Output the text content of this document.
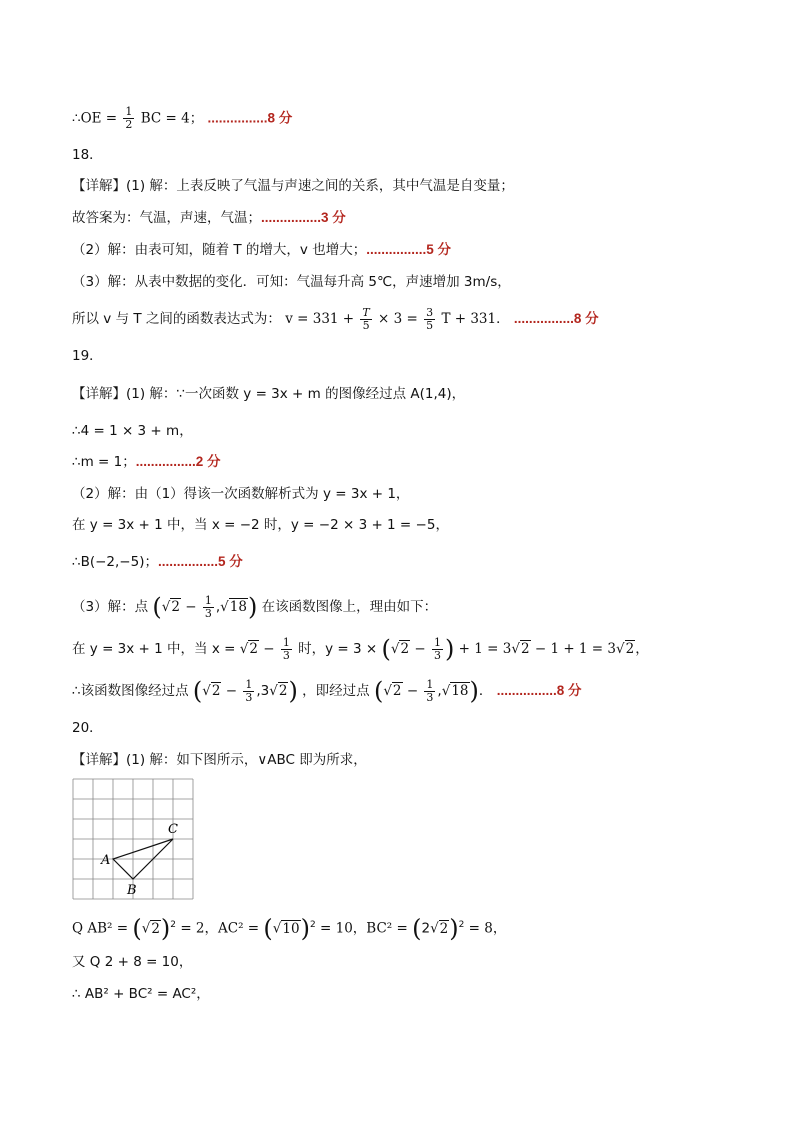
∴OE = $\frac{1}{2}$ BC = 4； ................8 分
18．
【详解】(1) 解：上表反映了气温与声速之间的关系，其中气温是自变量；
故答案为：气温，声速，气温；................3 分
（2）解：由表可知，随着 T 的增大，v 也增大；................5 分
（3）解：从表中数据的变化．可知：气温每升高 5℃，声速增加 3m/s，
所以 v 与 T 之间的函数表达式为： $v = 331 + \frac{T}{5} \times 3 = \frac{3}{5}$ T + 331． ................8 分
19．
【详解】(1) 解：∵一次函数 y = 3x + m 的图像经过点 A(1,4)，
∴4 = 1 × 3 + m，
∴m = 1；................2 分
（2）解：由（1）得该一次函数解析式为 y = 3x + 1，
在 y = 3x + 1 中，当 x = −2 时，y = −2 × 3 + 1 = −5，
∴B(−2,−5)；................5 分
（3）解：点 $(√2 - \frac{1}{3} ,√18)$ 在该函数图像上，理由如下：
在 y = 3x + 1 中，当 $x = √2 - \frac{1}{3}$ 时，$y = 3 \times (√2 - \frac{1}{3}$ ) + 1 = 3√2 − 1 + 1 = 3√2，
∴该函数图像经过点 $(√2 - \frac{1}{3} ,3√2)$ ，即经过点 $(√2 - \frac{1}{3} ,√18)$． ................8 分
20．
【详解】(1) 解：如下图所示，∨ABC 即为所求，
A
B
C
Q $AB^2 = (√2)^2 = 2$，$AC^2 = (√10)^2 = 10$，$BC^2 = (2√2)^2 = 8$，
又 Q 2 + 8 = 10，
∴ AB² + BC² = AC²，
